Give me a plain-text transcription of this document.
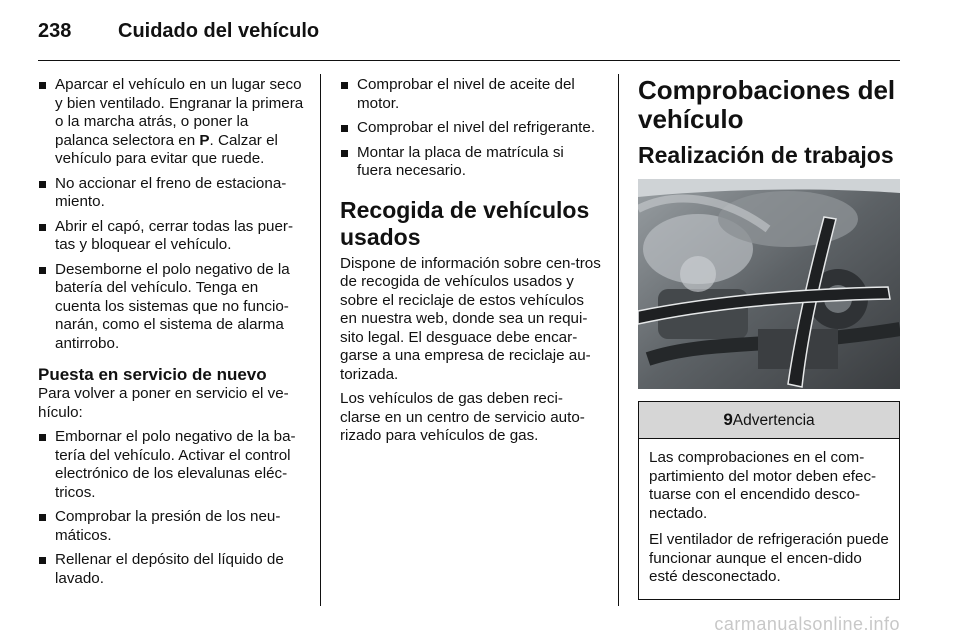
238 Cuidado del vehículo
Aparcar el vehículo en un lugar seco y bien ventilado. Engranar la primera o la marcha atrás, o poner la palanca selectora en P. Calzar el vehículo para evitar que ruede.
No accionar el freno de estaciona-miento.
Abrir el capó, cerrar todas las puer-tas y bloquear el vehículo.
Desemborne el polo negativo de la batería del vehículo. Tenga en cuenta los sistemas que no funcio-narán, como el sistema de alarma antirrobo.
Puesta en servicio de nuevo

Para volver a poner en servicio el ve-hículo:

Embornar el polo negativo de la ba-tería del vehículo. Activar el control electrónico de los elevalunas eléc-tricos.
Comprobar la presión de los neu-máticos.
Rellenar el depósito del líquido de lavado.
Comprobar el nivel de aceite del motor.
Comprobar el nivel del refrigerante.
Montar la placa de matrícula si fuera necesario.
Recogida de vehículos usados

Dispone de información sobre cen-tros de recogida de vehículos usados y sobre el reciclaje de estos vehículos en nuestra web, donde sea un requi-sito legal. El desguace debe encar-garse a una empresa de reciclaje au-torizada.

Los vehículos de gas deben reci-clarse en un centro de servicio auto-rizado para vehículos de gas.

Comprobaciones del vehículo
Realización de trabajos
9Advertencia

Las comprobaciones en el com-partimiento del motor deben efec-tuarse con el encendido desco-nectado.

El ventilador de refrigeración puede funcionar aunque el encen-dido esté desconectado.

carmanualsonline.info
